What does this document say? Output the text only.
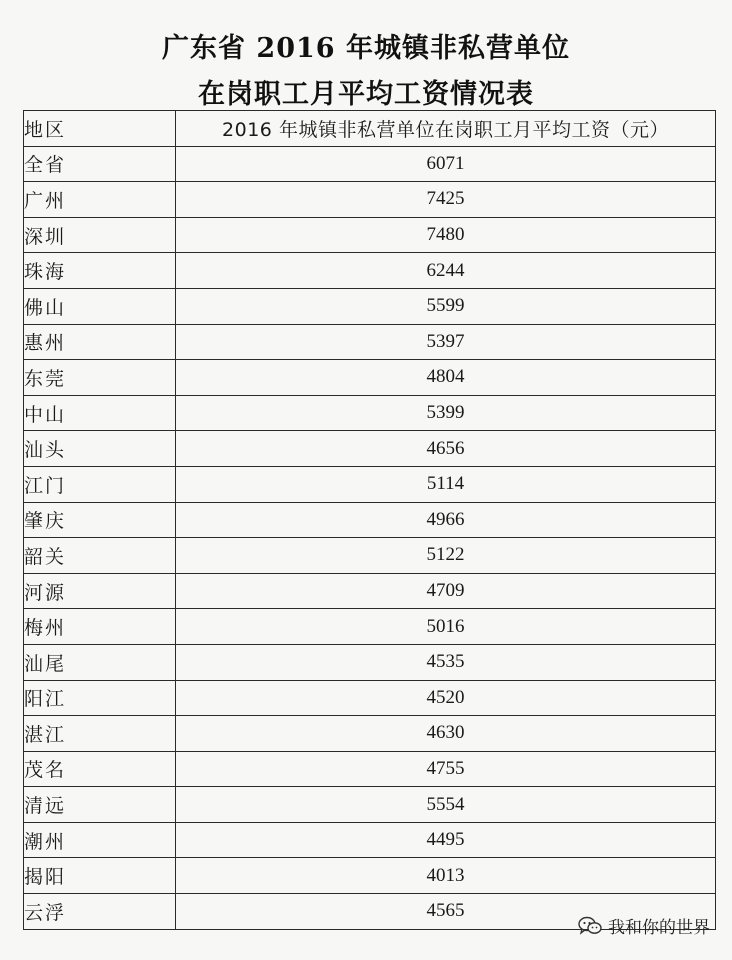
广东省 2016 年城镇非私营单位
在岗职工月平均工资情况表
地区	2016 年城镇非私营单位在岗职工月平均工资（元）
全省	6071
广州	7425
深圳	7480
珠海	6244
佛山	5599
惠州	5397
东莞	4804
中山	5399
汕头	4656
江门	5114
肇庆	4966
韶关	5122
河源	4709
梅州	5016
汕尾	4535
阳江	4520
湛江	4630
茂名	4755
清远	5554
潮州	4495
揭阳	4013
云浮	4565
我和你的世界
